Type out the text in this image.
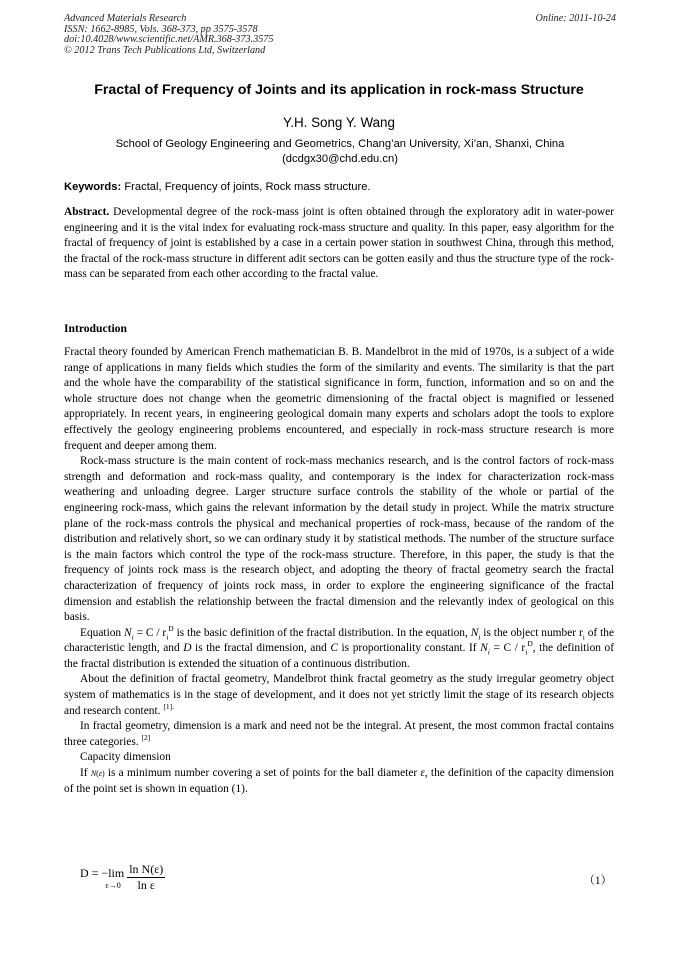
Advanced Materials Research
ISSN: 1662-8985, Vols. 368-373, pp 3575-3578
doi:10.4028/www.scientific.net/AMR.368-373.3575
© 2012 Trans Tech Publications Ltd, Switzerland
Online: 2011-10-24
Fractal of Frequency of Joints and its application in rock-mass Structure
Y.H. Song Y. Wang
School of Geology Engineering and Geometrics, Chang’an University, Xi’an, Shanxi, China
(dcdgx30@chd.edu.cn)
Keywords: Fractal, Frequency of joints, Rock mass structure.

Abstract. Developmental degree of the rock-mass joint is often obtained through the exploratory adit in water-power engineering and it is the vital index for evaluating rock-mass structure and quality. In this paper, easy algorithm for the fractal of frequency of joint is established by a case in a certain power station in southwest China, through this method, the fractal of the rock-mass structure in different adit sectors can be gotten easily and thus the structure type of the rock-mass can be separated from each other according to the fractal value.

Introduction

Fractal theory founded by American French mathematician B. B. Mandelbrot in the mid of 1970s, is a subject of a wide range of applications in many fields which studies the form of the similarity and events. The similarity is that the part and the whole have the comparability of the statistical significance in form, function, information and so on and the whole structure does not change when the geometric dimensioning of the fractal object is magnified or lessened appropriately. In recent years, in engineering geological domain many experts and scholars adopt the tools to explore effectively the geology engineering problems encountered, and especially in rock-mass structure research is more frequent and deeper among them.

Rock-mass structure is the main content of rock-mass mechanics research, and is the control factors of rock-mass strength and deformation and rock-mass quality, and contemporary is the index for characterization rock-mass weathering and unloading degree. Larger structure surface controls the stability of the whole or partial of the engineering rock-mass, which gains the relevant information by the detail study in project. While the matrix structure plane of the rock-mass controls the physical and mechanical properties of rock-mass, because of the random of the distribution and relatively short, so we can ordinary study it by statistical methods. The number of the structure surface is the main factors which control the type of the rock-mass structure. Therefore, in this paper, the study is that the frequency of joints rock mass is the research object, and adopting the theory of fractal geometry search the fractal characterization of frequency of joints rock mass, in order to explore the engineering significance of the fractal dimension and establish the relationship between the fractal dimension and the relevantly index of geological on this basis.

Equation $N_i = C / r_i^D$ is the basic definition of the fractal distribution. In the equation, $N_i$ is the object number $r_i$ of the characteristic length, and D is the fractal dimension, and C is proportionality constant. If $N_i = C / r_i^D$, the definition of the fractal distribution is extended the situation of a continuous distribution.

About the definition of fractal geometry, Mandelbrot think fractal geometry as the study irregular geometry object system of mathematics is in the stage of development, and it does not yet strictly limit the stage of its research objects and research content. $^{[1].}$

In fractal geometry, dimension is a mark and need not be the integral. At present, the most common fractal contains three categories. [2]

Capacity dimension

If N(ε) is a minimum number covering a set of points for the ball diameter ε, the definition of the capacity dimension of the point set is shown in equation (1).

D = −lim
ε→0
$\frac{\text{ln N(ε)}}{\text{ln ε}}$	（1）
